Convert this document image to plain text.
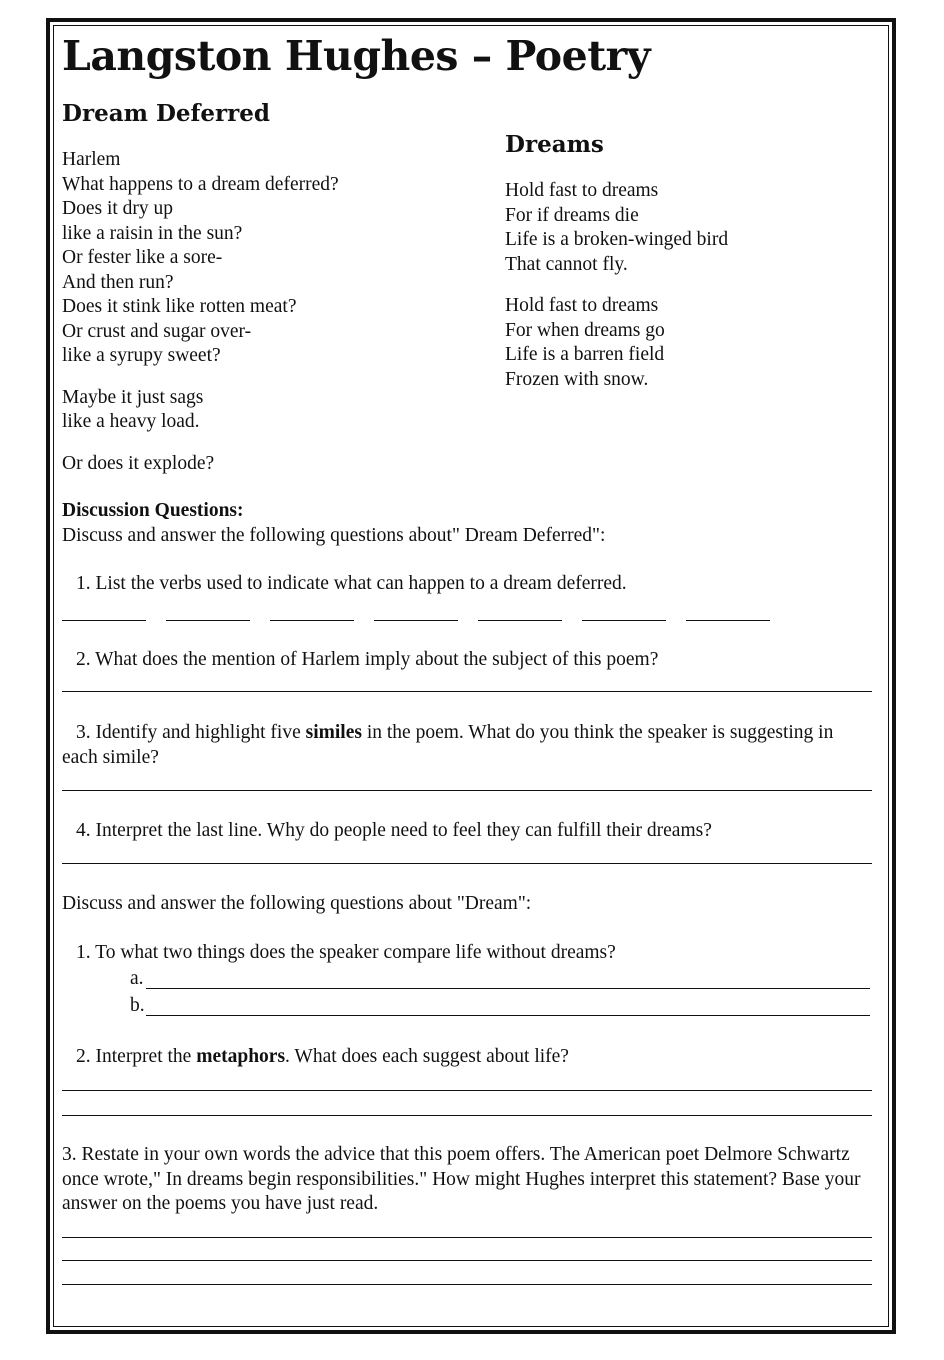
Langston Hughes – Poetry
Dream Deferred
Harlem
What happens to a dream deferred?
Does it dry up
like a raisin in the sun?
Or fester like a sore-
And then run?
Does it stink like rotten meat?
Or crust and sugar over-
like a syrupy sweet?
Maybe it just sags
like a heavy load.
Or does it explode?
Dreams
Hold fast to dreams
For if dreams die
Life is a broken-winged bird
That cannot fly.
Hold fast to dreams
For when dreams go
Life is a barren field
Frozen with snow.
Discussion Questions:
Discuss and answer the following questions about" Dream Deferred":
1. List the verbs used to indicate what can happen to a dream deferred.
2. What does the mention of Harlem imply about the subject of this poem?
3. Identify and highlight five similes in the poem. What do you think the speaker is suggesting in each simile?
4. Interpret the last line. Why do people need to feel they can fulfill their dreams?
Discuss and answer the following questions about "Dream":
1. To what two things does the speaker compare life without dreams?
a.
b.
2. Interpret the metaphors. What does each suggest about life?
3. Restate in your own words the advice that this poem offers. The American poet Delmore Schwartz once wrote," In dreams begin responsibilities." How might Hughes interpret this statement? Base your answer on the poems you have just read.
